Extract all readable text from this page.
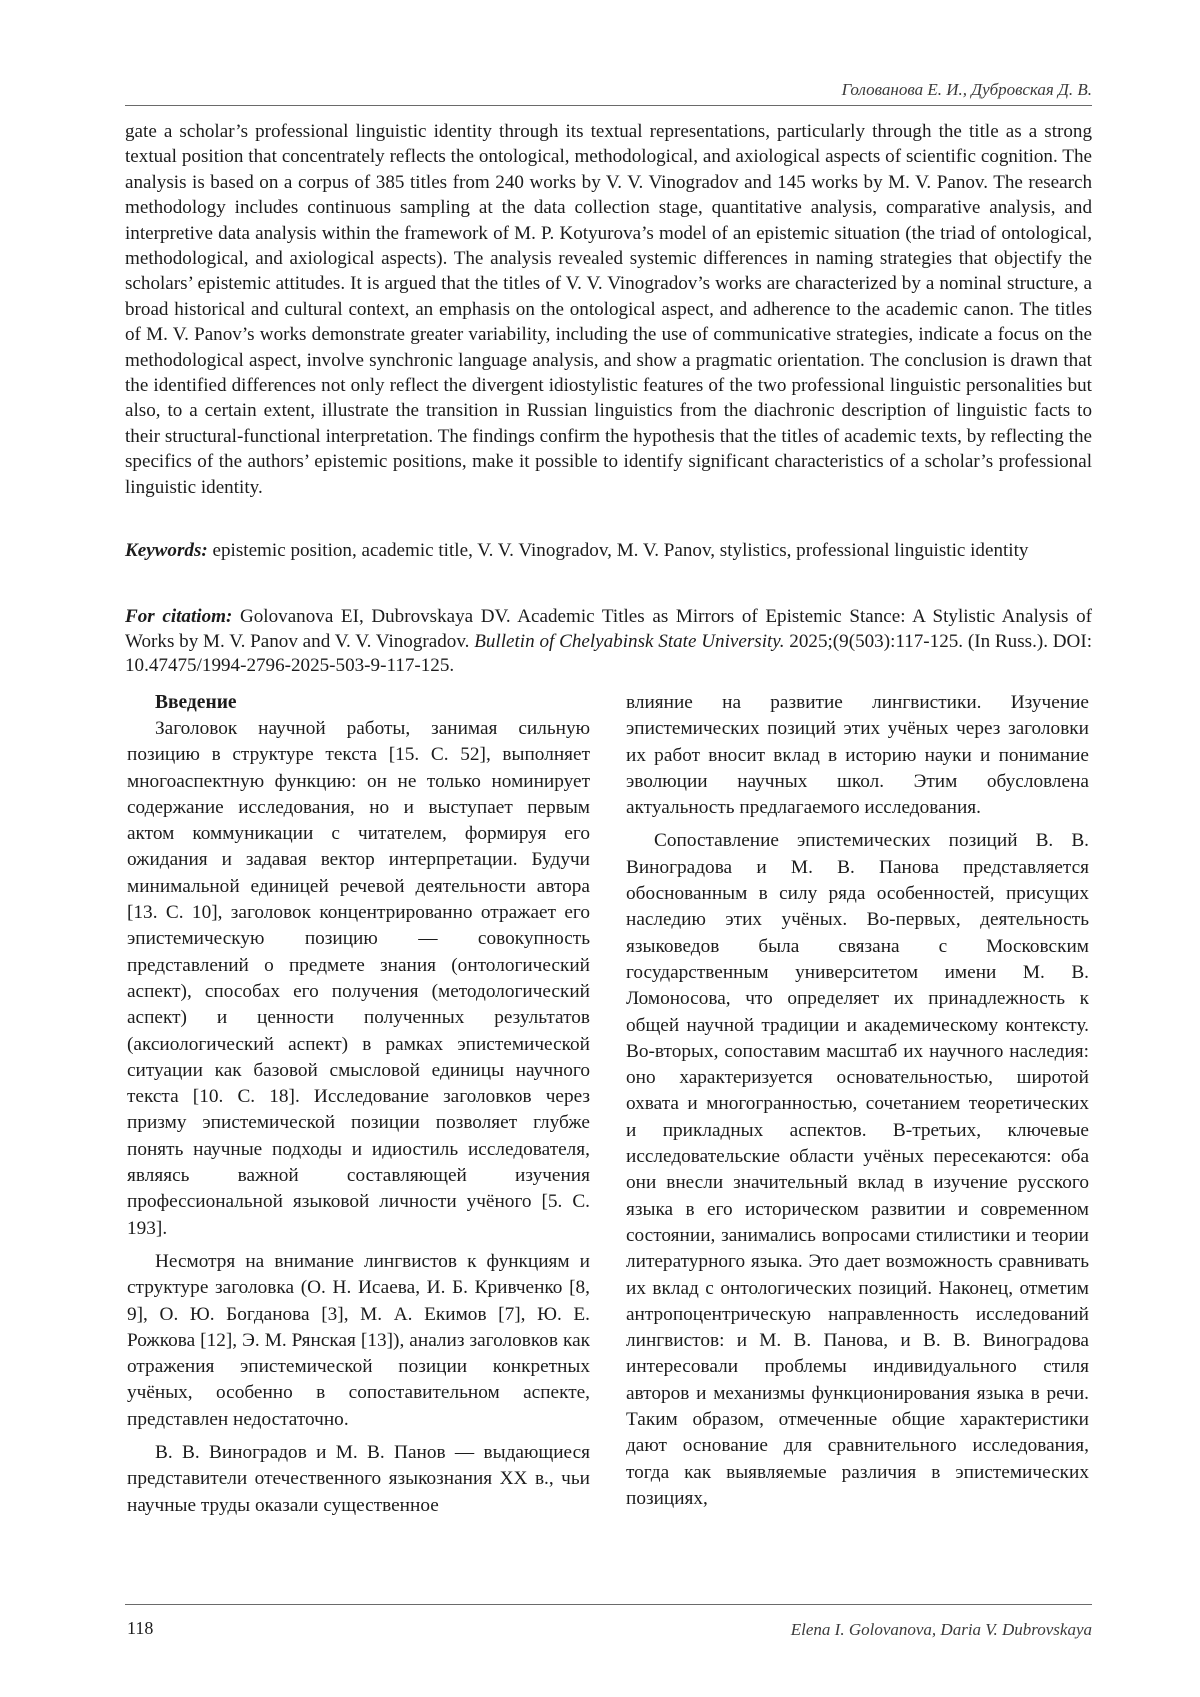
Голованова Е. И., Дубровская Д. В.

gate a scholar’s professional linguistic identity through its textual representations, particularly through the title as a strong textual position that concentrately reflects the ontological, methodological, and axiological aspects of scientific cognition. The analysis is based on a corpus of 385 titles from 240 works by V. V. Vinogradov and 145 works by M. V. Panov. The research methodology includes continuous sampling at the data collection stage, quantitative analysis, comparative analysis, and interpretive data analysis within the framework of M. P. Kotyurova’s model of an epistemic situation (the triad of ontological, methodological, and axiological aspects). The analysis revealed systemic differences in naming strategies that objectify the scholars’ epistemic attitudes. It is argued that the titles of V. V. Vinogradov’s works are characterized by a nominal structure, a broad historical and cultural context, an emphasis on the ontological aspect, and adherence to the academic canon. The titles of M. V. Panov’s works demonstrate greater variability, including the use of communicative strategies, indicate a focus on the methodological aspect, involve synchronic language analysis, and show a pragmatic orientation. The conclusion is drawn that the identified differences not only reflect the divergent idiostylistic features of the two professional linguistic personalities but also, to a certain extent, illustrate the transition in Russian linguistics from the diachronic description of linguistic facts to their structural-functional interpretation. The findings confirm the hypothesis that the titles of academic texts, by reflecting the specifics of the authors’ epistemic positions, make it possible to identify significant characteristics of a scholar’s professional linguistic identity.

Keywords: epistemic position, academic title, V. V. Vinogradov, M. V. Panov, stylistics, professional linguistic identity

For citatiom: Golovanova EI, Dubrovskaya DV. Academic Titles as Mirrors of Epistemic Stance: A Stylistic Analysis of Works by M. V. Panov and V. V. Vinogradov. Bulletin of Chelyabinsk State University. 2025;(9(503):117-125. (In Russ.). DOI: 10.47475/1994-2796-2025-503-9-117-125.

Введение

Заголовок научной работы, занимая сильную позицию в структуре текста [15. С. 52], выполняет многоаспектную функцию: он не только номинирует содержание исследования, но и выступает первым актом коммуникации с читателем, формируя его ожидания и задавая вектор интерпретации. Будучи минимальной единицей речевой деятельности автора [13. С. 10], заголовок концентрированно отражает его эпистемическую позицию — совокупность представлений о предмете знания (онтологический аспект), способах его получения (методологический аспект) и ценности полученных результатов (аксиологический аспект) в рамках эпистемической ситуации как базовой смысловой единицы научного текста [10. С. 18]. Исследование заголовков через призму эпистемической позиции позволяет глубже понять научные подходы и идиостиль исследователя, являясь важной составляющей изучения профессиональной языковой личности учёного [5. С. 193].

Несмотря на внимание лингвистов к функциям и структуре заголовка (О. Н. Исаева, И. Б. Кривченко [8, 9], О. Ю. Богданова [3], М. А. Екимов [7], Ю. Е. Рожкова [12], Э. М. Рянская [13]), анализ заголовков как отражения эпистемической позиции конкретных учёных, особенно в сопоставительном аспекте, представлен недостаточно.

В. В. Виноградов и М. В. Панов — выдающиеся представители отечественного языкознания XX в., чьи научные труды оказали существенное

влияние на развитие лингвистики. Изучение эпистемических позиций этих учёных через заголовки их работ вносит вклад в историю науки и понимание эволюции научных школ. Этим обусловлена актуальность предлагаемого исследования.

Сопоставление эпистемических позиций В. В. Виноградова и М. В. Панова представляется обоснованным в силу ряда особенностей, присущих наследию этих учёных. Во-первых, деятельность языковедов была связана с Московским государственным университетом имени М. В. Ломоносова, что определяет их принадлежность к общей научной традиции и академическому контексту. Во-вторых, сопоставим масштаб их научного наследия: оно характеризуется основательностью, широтой охвата и многогранностью, сочетанием теоретических и прикладных аспектов. В-третьих, ключевые исследовательские области учёных пересекаются: оба они внесли значительный вклад в изучение русского языка в его историческом развитии и современном состоянии, занимались вопросами стилистики и теории литературного языка. Это дает возможность сравнивать их вклад с онтологических позиций. Наконец, отметим антропоцентрическую направленность исследований лингвистов: и М. В. Панова, и В. В. Виноградова интересовали проблемы индивидуального стиля авторов и механизмы функционирования языка в речи. Таким образом, отмеченные общие характеристики дают основание для сравнительного исследования, тогда как выявляемые различия в эпистемических позициях,

118	Elena I. Golovanova, Daria V. Dubrovskaya
